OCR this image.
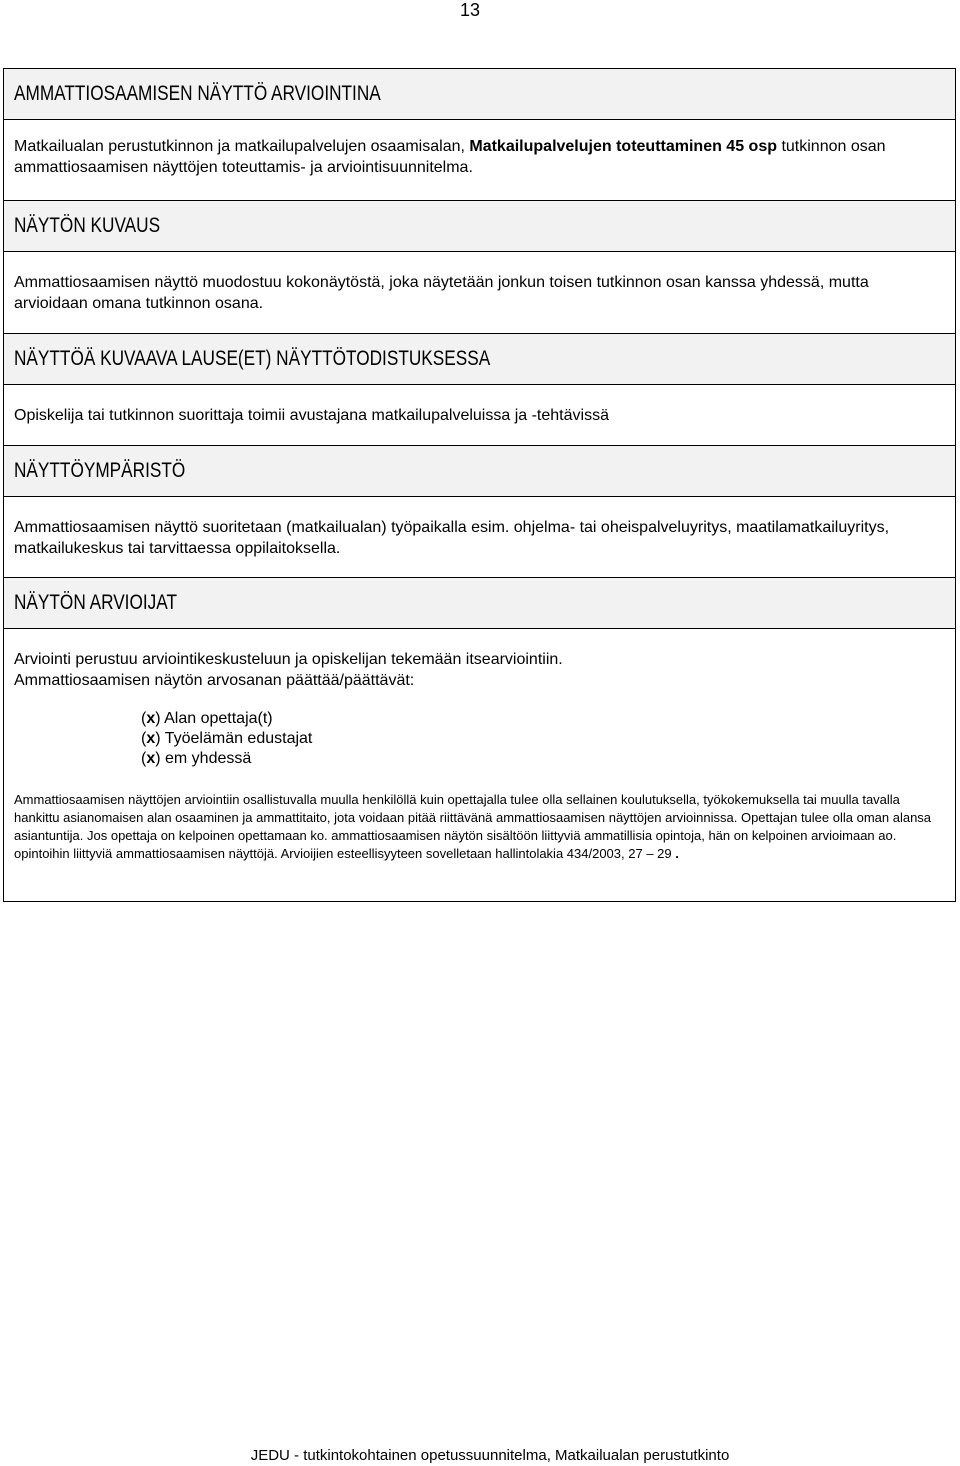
13
AMMATTIOSAAMISEN NÄYTTÖ ARVIOINTINA
Matkailualan perustutkinnon ja matkailupalvelujen osaamisalan, Matkailupalvelujen toteuttaminen 45 osp tutkinnon osan ammattiosaamisen näyttöjen toteuttamis- ja arviointisuunnitelma.
NÄYTÖN KUVAUS
Ammattiosaamisen näyttö muodostuu kokonäytöstä, joka näytetään jonkun toisen tutkinnon osan kanssa yhdessä, mutta arvioidaan omana tutkinnon osana.
NÄYTTÖÄ KUVAAVA LAUSE(ET) NÄYTTÖTODISTUKSESSA
Opiskelija tai tutkinnon suorittaja toimii avustajana matkailupalveluissa ja -tehtävissä
NÄYTTÖYMPÄRISTÖ
Ammattiosaamisen näyttö suoritetaan (matkailualan) työpaikalla esim. ohjelma- tai oheispalveluyritys, maatilamatkailuyritys, matkailukeskus tai tarvittaessa oppilaitoksella.
NÄYTÖN ARVIOIJAT
Arviointi perustuu arviointikeskusteluun ja opiskelijan tekemään itsearviointiin.
Ammattiosaamisen näytön arvosanan päättää/päättävät:
(x) Alan opettaja(t)
(x) Työelämän edustajat
(x) em yhdessä
Ammattiosaamisen näyttöjen arviointiin osallistuvalla muulla henkilöllä kuin opettajalla tulee olla sellainen koulutuksella, työkokemuksella tai muulla tavalla hankittu asianomaisen alan osaaminen ja ammattitaito, jota voidaan pitää riittävänä ammattiosaamisen näyttöjen arvioinnissa. Opettajan tulee olla oman alansa asiantuntija. Jos opettaja on kelpoinen opettamaan ko. ammattiosaamisen näytön sisältöön liittyviä ammatillisia opintoja, hän on kelpoinen arvioimaan ao. opintoihin liittyviä ammattiosaamisen näyttöjä. Arvioijien esteellisyyteen sovelletaan hallintolakia 434/2003, 27 – 29 .
JEDU - tutkintokohtainen opetussuunnitelma, Matkailualan perustutkinto
